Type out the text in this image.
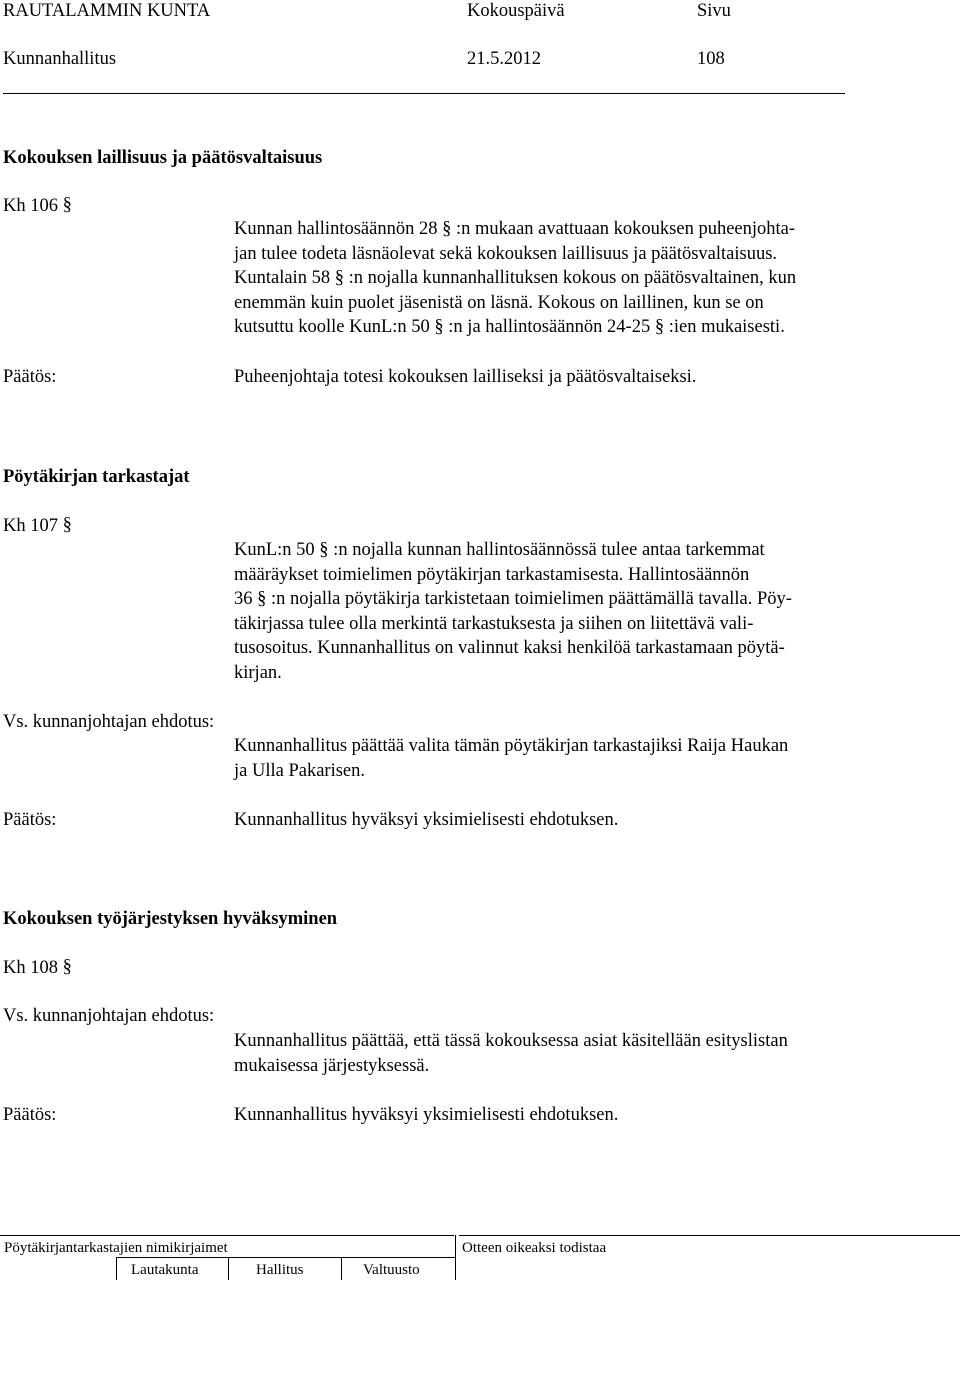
RAUTALAMMIN KUNTA	Kokouspäivä	Sivu
Kunnanhallitus	21.5.2012	108
Kokouksen laillisuus ja päätösvaltaisuus
Kh 106 §
Kunnan hallintosäännön 28 § :n mukaan avattuaan kokouksen puheenjohta-
jan tulee todeta läsnäolevat sekä kokouksen laillisuus ja päätösvaltaisuus.
Kuntalain 58 § :n nojalla kunnanhallituksen kokous on päätösvaltainen, kun
enemmän kuin puolet jäsenistä on läsnä. Kokous on laillinen, kun se on
kutsuttu koolle KunL:n 50 § :n ja hallintosäännön 24-25 § :ien mukaisesti.
Päätös:	Puheenjohtaja totesi kokouksen lailliseksi ja päätösvaltaiseksi.
Pöytäkirjan tarkastajat
Kh 107 §
KunL:n 50 § :n nojalla kunnan hallintosäännössä tulee antaa tarkemmat
määräykset toimielimen pöytäkirjan tarkastamisesta. Hallintosäännön
36 § :n nojalla pöytäkirja tarkistetaan toimielimen päättämällä tavalla. Pöy-
täkirjassa tulee olla merkintä tarkastuksesta ja siihen on liitettävä vali-
tusosoitus. Kunnanhallitus on valinnut kaksi henkilöä tarkastamaan pöytä-
kirjan.
Vs. kunnanjohtajan ehdotus:
Kunnanhallitus päättää valita tämän pöytäkirjan tarkastajiksi Raija Haukan
ja Ulla Pakarisen.
Päätös:	Kunnanhallitus hyväksyi yksimielisesti ehdotuksen.
Kokouksen työjärjestyksen hyväksyminen
Kh 108 §
Vs. kunnanjohtajan ehdotus:
Kunnanhallitus päättää, että tässä kokouksessa asiat käsitellään esityslistan
mukaisessa järjestyksessä.
Päätös:	Kunnanhallitus hyväksyi yksimielisesti ehdotuksen.
Pöytäkirjantarkastajien nimikirjaimet	Otteen oikeaksi todistaa
Lautakunta	Hallitus	Valtuusto
